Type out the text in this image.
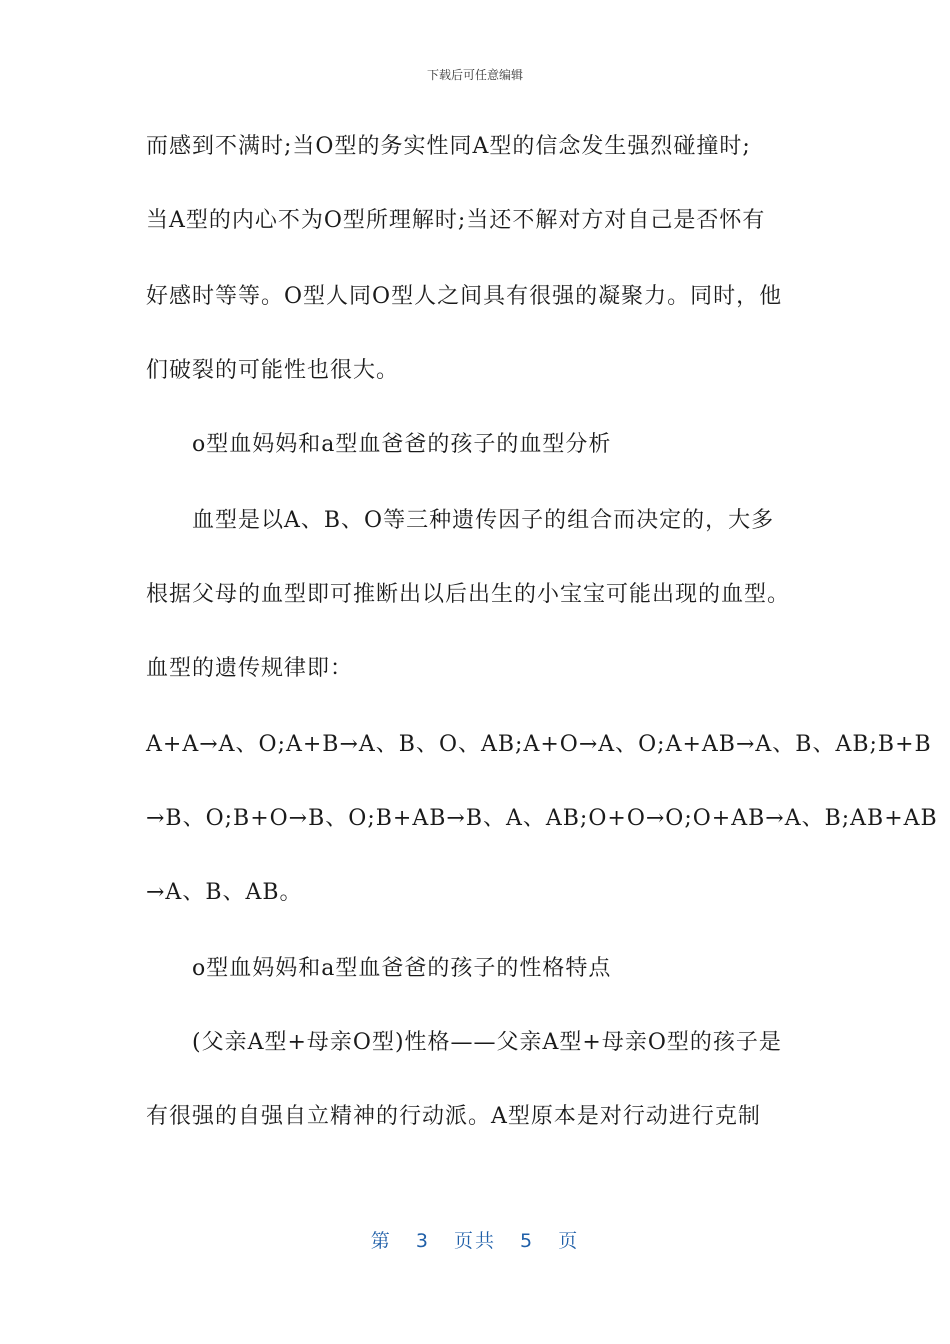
下载后可任意编辑
而感到不满时;当O型的务实性同A型的信念发生强烈碰撞时;
当A型的内心不为O型所理解时;当还不解对方对自己是否怀有
好感时等等。O型人同O型人之间具有很强的凝聚力。同时，他
们破裂的可能性也很大。
o型血妈妈和a型血爸爸的孩子的血型分析
血型是以A、B、O等三种遗传因子的组合而决定的，大多
根据父母的血型即可推断出以后出生的小宝宝可能出现的血型。
血型的遗传规律即：
A+A→A、O;A+B→A、B、O、AB;A+O→A、O;A+AB→A、B、AB;B+B
→B、O;B+O→B、O;B+AB→B、A、AB;O+O→O;O+AB→A、B;AB+AB
→A、B、AB。
o型血妈妈和a型血爸爸的孩子的性格特点
(父亲A型+母亲O型)性格——父亲A型+母亲O型的孩子是
有很强的自强自立精神的行动派。A型原本是对行动进行克制
第 3 页共 5 页
